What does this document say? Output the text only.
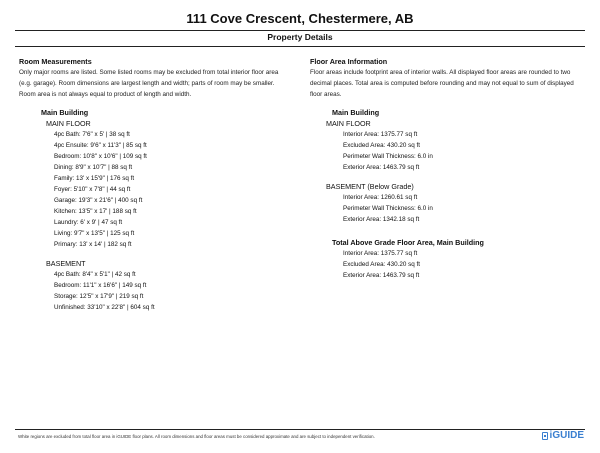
111 Cove Crescent, Chestermere, AB
Property Details
Room Measurements
Only major rooms are listed. Some listed rooms may be excluded from total interior floor area
(e.g. garage). Room dimensions are largest length and width; parts of room may be smaller.
Room area is not always equal to product of length and width.
Main Building
MAIN FLOOR
4pc Bath: 7'6" x 5' | 38 sq ft
4pc Ensuite: 9'6" x 11'3" | 85 sq ft
Bedroom: 10'8" x 10'6" | 109 sq ft
Dining: 8'9" x 10'7" | 88 sq ft
Family: 13' x 15'9" | 176 sq ft
Foyer: 5'10" x 7'8" | 44 sq ft
Garage: 19'3" x 21'6" | 400 sq ft
Kitchen: 13'5" x 17' | 188 sq ft
Laundry: 6' x 9' | 47 sq ft
Living: 9'7" x 13'5" | 125 sq ft
Primary: 13' x 14' | 182 sq ft
BASEMENT
4pc Bath: 8'4" x 5'1" | 42 sq ft
Bedroom: 11'1" x 16'6" | 149 sq ft
Storage: 12'5" x 17'9" | 219 sq ft
Unfinished: 33'10" x 22'8" | 604 sq ft
Floor Area Information
Floor areas include footprint area of interior walls. All displayed floor areas are rounded to two
decimal places. Total area is computed before rounding and may not equal to sum of displayed
floor areas.
Main Building
MAIN FLOOR
Interior Area: 1375.77 sq ft
Excluded Area: 430.20 sq ft
Perimeter Wall Thickness: 6.0 in
Exterior Area: 1463.79 sq ft
BASEMENT (Below Grade)
Interior Area: 1260.61 sq ft
Perimeter Wall Thickness: 6.0 in
Exterior Area: 1342.18 sq ft
Total Above Grade Floor Area, Main Building
Interior Area: 1375.77 sq ft
Excluded Area: 430.20 sq ft
Exterior Area: 1463.79 sq ft
White regions are excluded from total floor area in iGUIDE floor plans. All room dimensions and floor areas must be considered approximate and are subject to independent verification.	iGUIDE
